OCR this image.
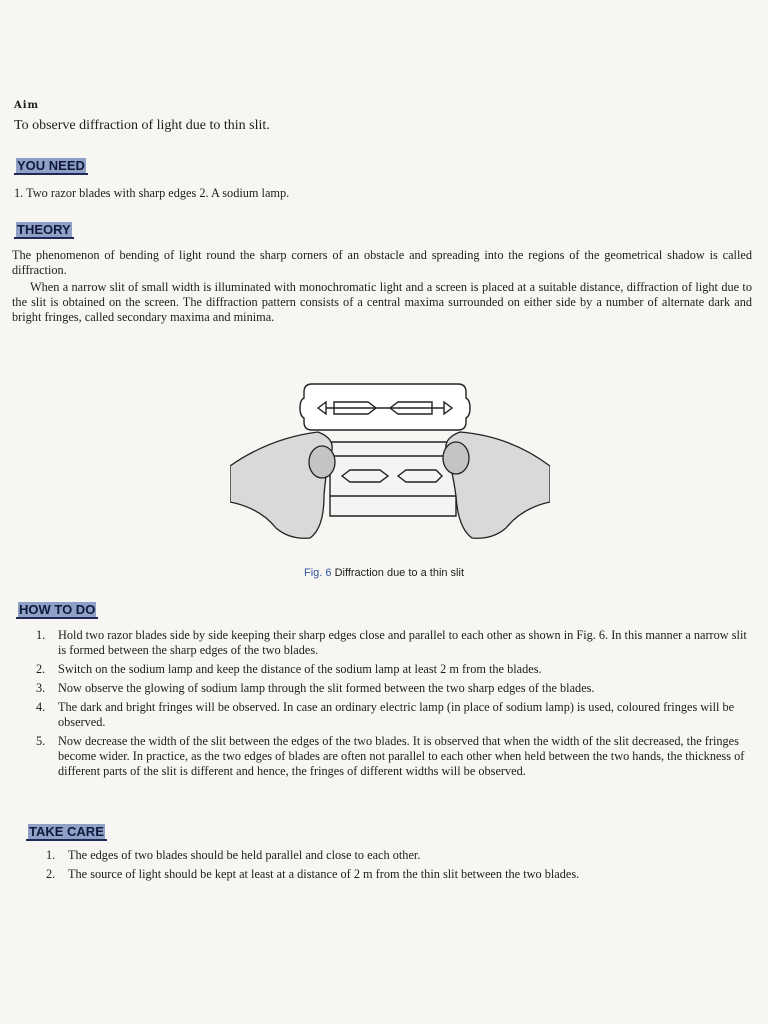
Aim
To observe diffraction of light due to thin slit.
YOU NEED

1. Two razor blades with sharp edges 2. A sodium lamp.

THEORY

The phenomenon of bending of light round the sharp corners of an obstacle and spreading into the regions of the geometrical shadow is called diffraction.

When a narrow slit of small width is illuminated with monochromatic light and a screen is placed at a suitable distance, diffraction of light due to the slit is obtained on the screen. The diffraction pattern consists of a central maxima surrounded on either side by a number of alternate dark and bright fringes, called secondary maxima and minima.

Fig. 6 Diffraction due to a thin slit
HOW TO DO
1.	Hold two razor blades side by side keeping their sharp edges close and parallel to each other as shown in Fig. 6. In this manner a narrow slit is formed between the sharp edges of the two blades.
2.	Switch on the sodium lamp and keep the distance of the sodium lamp at least 2 m from the blades.
3.	Now observe the glowing of sodium lamp through the slit formed between the two sharp edges of the blades.
4.	The dark and bright fringes will be observed. In case an ordinary electric lamp (in place of sodium lamp) is used, coloured fringes will be observed.
5.	Now decrease the width of the slit between the edges of the two blades. It is observed that when the width of the slit decreased, the fringes become wider. In practice, as the two edges of blades are often not parallel to each other when held between the two hands, the thickness of different parts of the slit is different and hence, the fringes of different widths will be observed.
TAKE CARE
1.	The edges of two blades should be held parallel and close to each other.
2.	The source of light should be kept at least at a distance of 2 m from the thin slit between the two blades.
